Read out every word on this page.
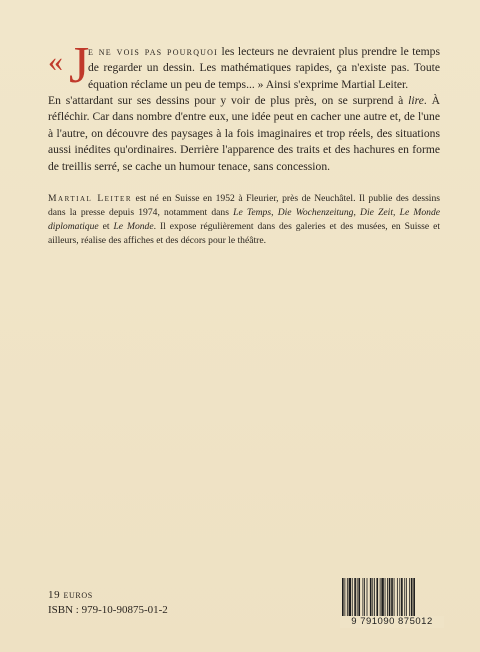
« J
e ne vois pas pourquoi les lecteurs ne devraient plus prendre le temps de regarder un dessin. Les mathématiques rapides, ça n'existe pas. Toute équation réclame un peu de temps... » Ainsi s'exprime Martial Leiter.
En s'attardant sur ses dessins pour y voir de plus près, on se surprend à lire. À réfléchir. Car dans nombre d'entre eux, une idée peut en cacher une autre et, de l'une à l'autre, on découvre des paysages à la fois imaginaires et trop réels, des situations aussi inédites qu'ordinaires. Derrière l'apparence des traits et des hachures en forme de treillis serré, se cache un humour tenace, sans concession.
Martial Leiter est né en Suisse en 1952 à Fleurier, près de Neuchâtel. Il publie des dessins dans la presse depuis 1974, notamment dans Le Temps, Die Wochenzeitung, Die Zeit, Le Monde diplomatique et Le Monde. Il expose régulièrement dans des galeries et des musées, en Suisse et ailleurs, réalise des affiches et des décors pour le théâtre.
19 euros
ISBN : 979-10-90875-01-2
9 791090 875012
